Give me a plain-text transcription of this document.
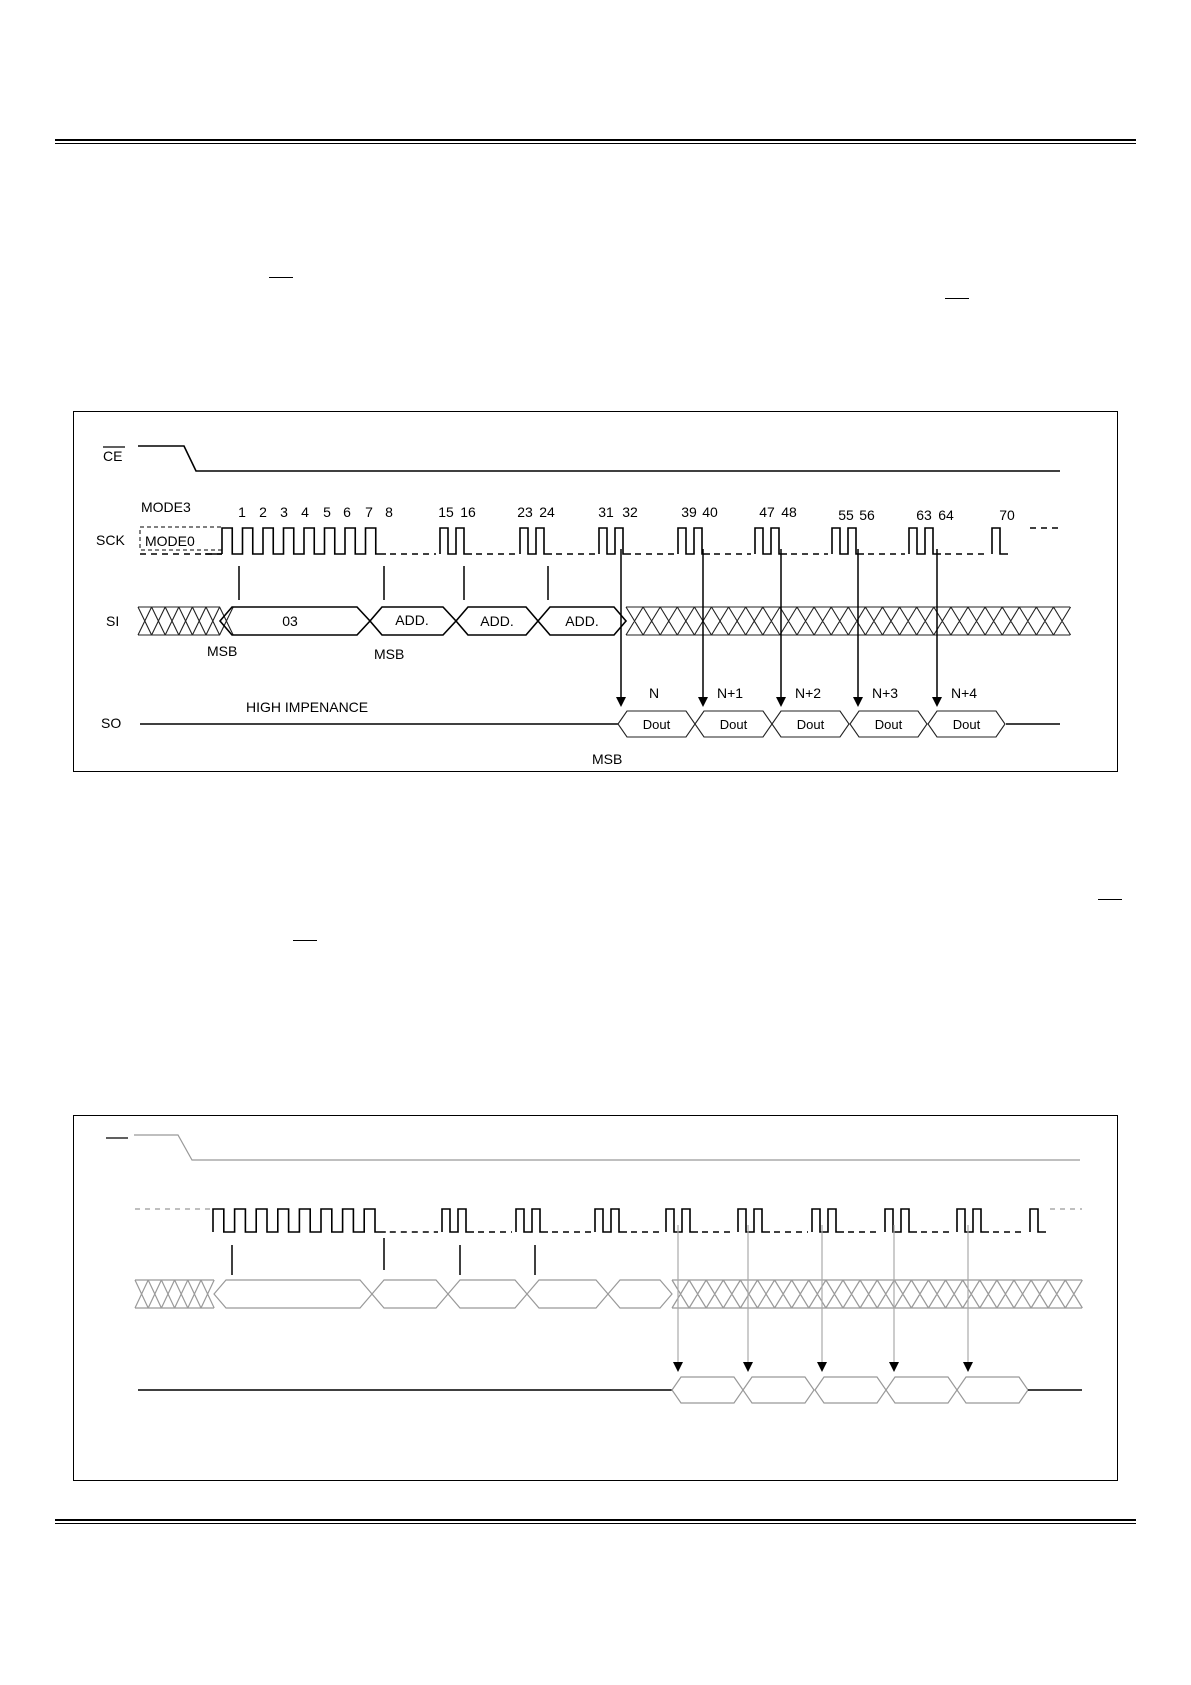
CE
MODE3
SCK MODE0
1 2 3 4 5 6 7 8	15 16	23 24	31 32	39 40	47 48	55 56	63 64	70
SI	03	ADD.	ADD.	ADD.
MSB	MSB
N	N+1	N+2	N+3	N+4
SO
HIGH IMPENANCE
Dout	Dout	Dout	Dout	Dout
MSB
